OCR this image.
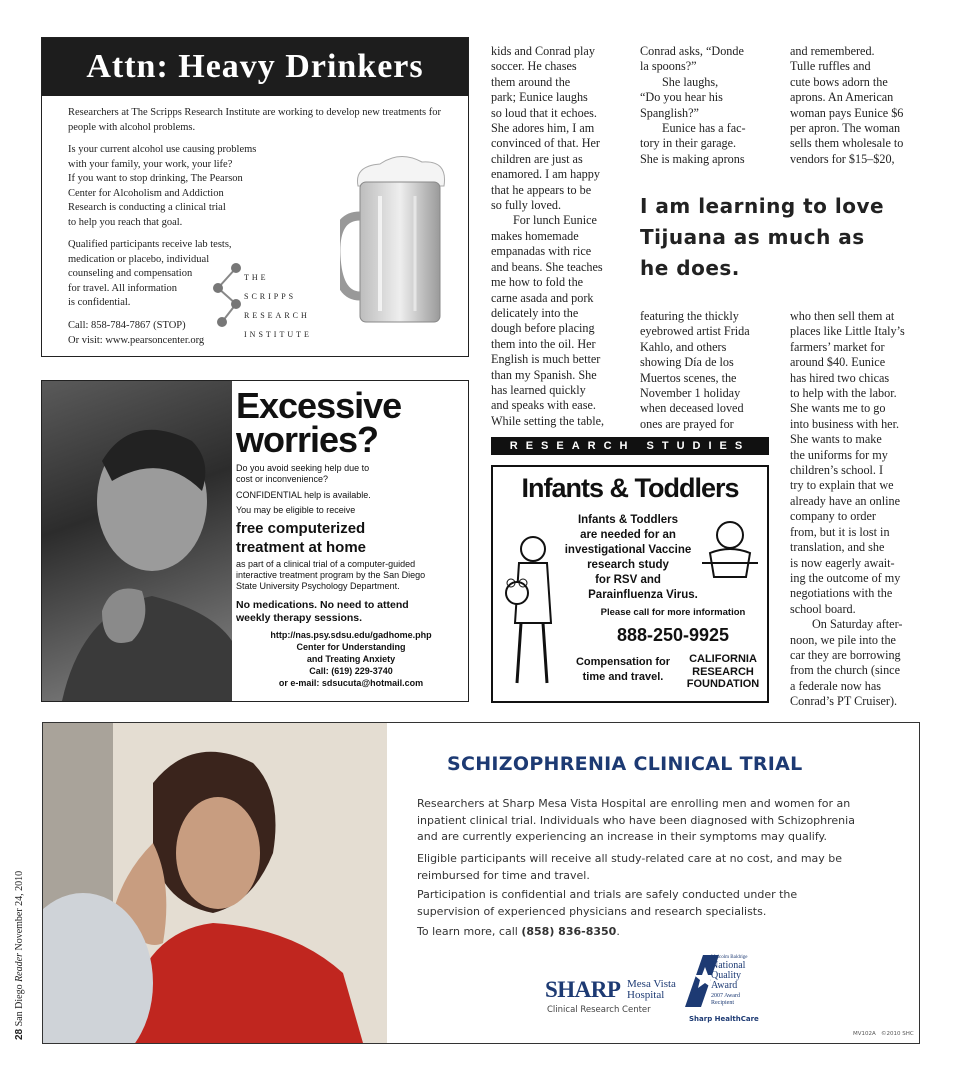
Attn: Heavy Drinkers
Researchers at The Scripps Research Institute are working to develop new treatments for people with alcohol problems.
Is your current alcohol use causing problems
with your family, your work, your life?
If you want to stop drinking, The Pearson
Center for Alcoholism and Addiction
Research is conducting a clinical trial
to help you reach that goal.
Qualified participants receive lab tests,
medication or placebo, individual
counseling and compensation
for travel. All information
is confidential.
Call: 858-784-7867 (STOP)
Or visit: www.pearsoncenter.org
THE
SCRIPPS
RESEARCH
INSTITUTE
Excessive
worries?
Do you avoid seeking help due to
cost or inconvenience?
CONFIDENTIAL help is available.
You may be eligible to receive
free computerized
treatment at home
as part of a clinical trial of a computer-guided
interactive treatment program by the San Diego
State University Psychology Department.
No medications. No need to attend
weekly therapy sessions.
http://nas.psy.sdsu.edu/gadhome.php
Center for Understanding
and Treating Anxiety
Call: (619) 229-3740
or e-mail: sdsucuta@hotmail.com

kids and Conrad play

soccer. He chases

them around the

park; Eunice laughs

so loud that it echoes.

She adores him, I am

convinced of that. Her

children are just as

enamored. I am happy

that he appears to be

so fully loved.

For lunch Eunice

makes homemade

empanadas with rice

and beans. She teaches

me how to fold the

carne asada and pork

delicately into the

dough before placing

them into the oil. Her

English is much better

than my Spanish. She

has learned quickly

and speaks with ease.

While setting the table,

Conrad asks, “Donde

la spoons?”

She laughs,

“Do you hear his

Spanglish?”

Eunice has a fac-

tory in their garage.

She is making aprons

and remembered.

Tulle ruffles and

cute bows adorn the

aprons. An American

woman pays Eunice $6

per apron. The woman

sells them wholesale to

vendors for $15–$20,

I am learning to love
Tijuana as much as
he does.

featuring the thickly

eyebrowed artist Frida

Kahlo, and others

showing Día de los

Muertos scenes, the

November 1 holiday

when deceased loved

ones are prayed for

who then sell them at

places like Little Italy’s

farmers’ market for

around $40. Eunice

has hired two chicas

to help with the labor.

She wants me to go

into business with her.

She wants to make

the uniforms for my

children’s school. I

try to explain that we

already have an online

company to order

from, but it is lost in

translation, and she

is now eagerly await-

ing the outcome of my

negotiations with the

school board.

On Saturday after-

noon, we pile into the

car they are borrowing

from the church (since

a federale now has

Conrad’s PT Cruiser).

RESEARCH STUDIES
Infants & Toddlers
Infants & Toddlers
are needed for an
investigational Vaccine
research study
for RSV and
Parainfluenza Virus.
Please call for more information
888-250-9925
Compensation for
time and travel.
CALIFORNIA
RESEARCH
FOUNDATION
SCHIZOPHRENIA CLINICAL TRIAL
Researchers at Sharp Mesa Vista Hospital are enrolling men and women for an
inpatient clinical trial. Individuals who have been diagnosed with Schizophrenia
and are currently experiencing an increase in their symptoms may qualify.
Eligible participants will receive all study-related care at no cost, and may be
reimbursed for time and travel.
Participation is confidential and trials are safely conducted under the
supervision of experienced physicians and research specialists.
To learn more, call (858) 836-8350.
SHARP Mesa Vista
Hospital
Clinical Research Center
Malcolm Baldrige
National
Quality
Award
2007 Award
Recipient
Sharp HealthCare
MV102A   ©2010 SHC
28 San Diego Reader November 24, 2010
